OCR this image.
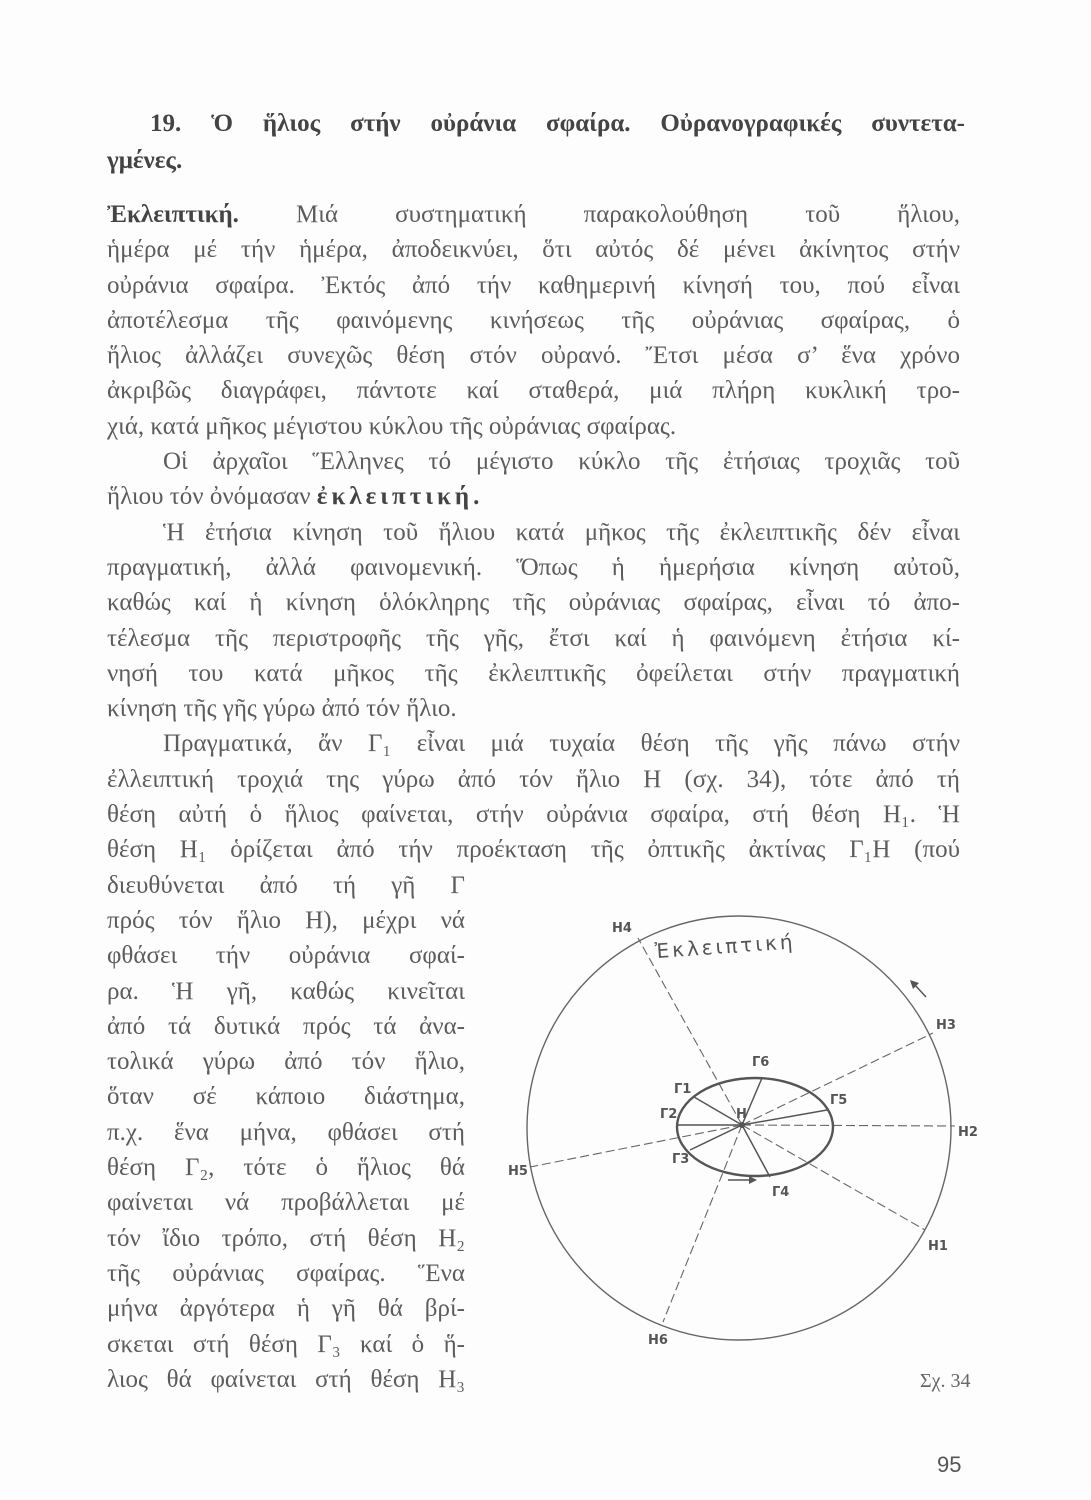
19. Ὁ ἥλιος στήν οὐράνια σφαίρα. Οὐρανογραφικές συντετα-
γμένες.
Ἐκλειπτική. Μιά συστηματική παρακολούθηση τοῦ ἥλιου,
ἡμέρα μέ τήν ἡμέρα, ἀποδεικνύει, ὅτι αὐτός δέ μένει ἀκίνητος στήν
οὐράνια σφαίρα. Ἐκτός ἀπό τήν καθημερινή κίνησή του, πού εἶναι
ἀποτέλεσμα τῆς φαινόμενης κινήσεως τῆς οὐράνιας σφαίρας, ὁ
ἥλιος ἀλλάζει συνεχῶς θέση στόν οὐρανό. Ἔτσι μέσα σ’ ἕνα χρόνο
ἀκριβῶς διαγράφει, πάντοτε καί σταθερά, μιά πλήρη κυκλική τρο-
χιά, κατά μῆκος μέγιστου κύκλου τῆς οὐράνιας σφαίρας.
Οἱ ἀρχαῖοι Ἕλληνες τό μέγιστο κύκλο τῆς ἐτήσιας τροχιᾶς τοῦ
ἥλιου τόν ὀνόμασαν ἐκλειπτική.
Ἡ ἐτήσια κίνηση τοῦ ἥλιου κατά μῆκος τῆς ἐκλειπτικῆς δέν εἶναι
πραγματική, ἀλλά φαινομενική. Ὅπως ἡ ἡμερήσια κίνηση αὐτοῦ,
καθώς καί ἡ κίνηση ὁλόκληρης τῆς οὐράνιας σφαίρας, εἶναι τό ἀπο-
τέλεσμα τῆς περιστροφῆς τῆς γῆς, ἔτσι καί ἡ φαινόμενη ἐτήσια κί-
νησή του κατά μῆκος τῆς ἐκλειπτικῆς ὀφείλεται στήν πραγματική
κίνηση τῆς γῆς γύρω ἀπό τόν ἥλιο.
Πραγματικά, ἄν Γ₁ εἶναι μιά τυχαία θέση τῆς γῆς πάνω στήν
ἐλλειπτική τροχιά της γύρω ἀπό τόν ἥλιο Η (σχ. 34), τότε ἀπό τή
θέση αὐτή ὁ ἥλιος φαίνεται, στήν οὐράνια σφαίρα, στή θέση Η₁. Ἡ
θέση Η₁ ὁρίζεται ἀπό τήν προέκταση τῆς ὀπτικῆς ἀκτίνας Γ₁Η (πού
διευθύνεται ἀπό τή γῆ Γ
πρός τόν ἥλιο Η), μέχρι νά
φθάσει τήν οὐράνια σφαί-
ρα. Ἡ γῆ, καθώς κινεῖται
ἀπό τά δυτικά πρός τά ἀνα-
τολικά γύρω ἀπό τόν ἥλιο,
ὅταν σέ κάποιο διάστημα,
π.χ. ἕνα μήνα, φθάσει στή
θέση Γ₂, τότε ὁ ἥλιος θά
φαίνεται νά προβάλλεται μέ
τόν ἴδιο τρόπο, στή θέση Η₂
τῆς οὐράνιας σφαίρας. Ἕνα
μήνα ἀργότερα ἡ γῆ θά βρί-
σκεται στή θέση Γ₃ καί ὁ ἥ-
λιος θά φαίνεται στή θέση Η₃
Η
Ἐκλειπτική
Γ1
Η1
Γ2
Η2
Γ3
Η3
Γ4
Η4
Γ5
Η5
Γ6
Η6
Σχ. 34
95
